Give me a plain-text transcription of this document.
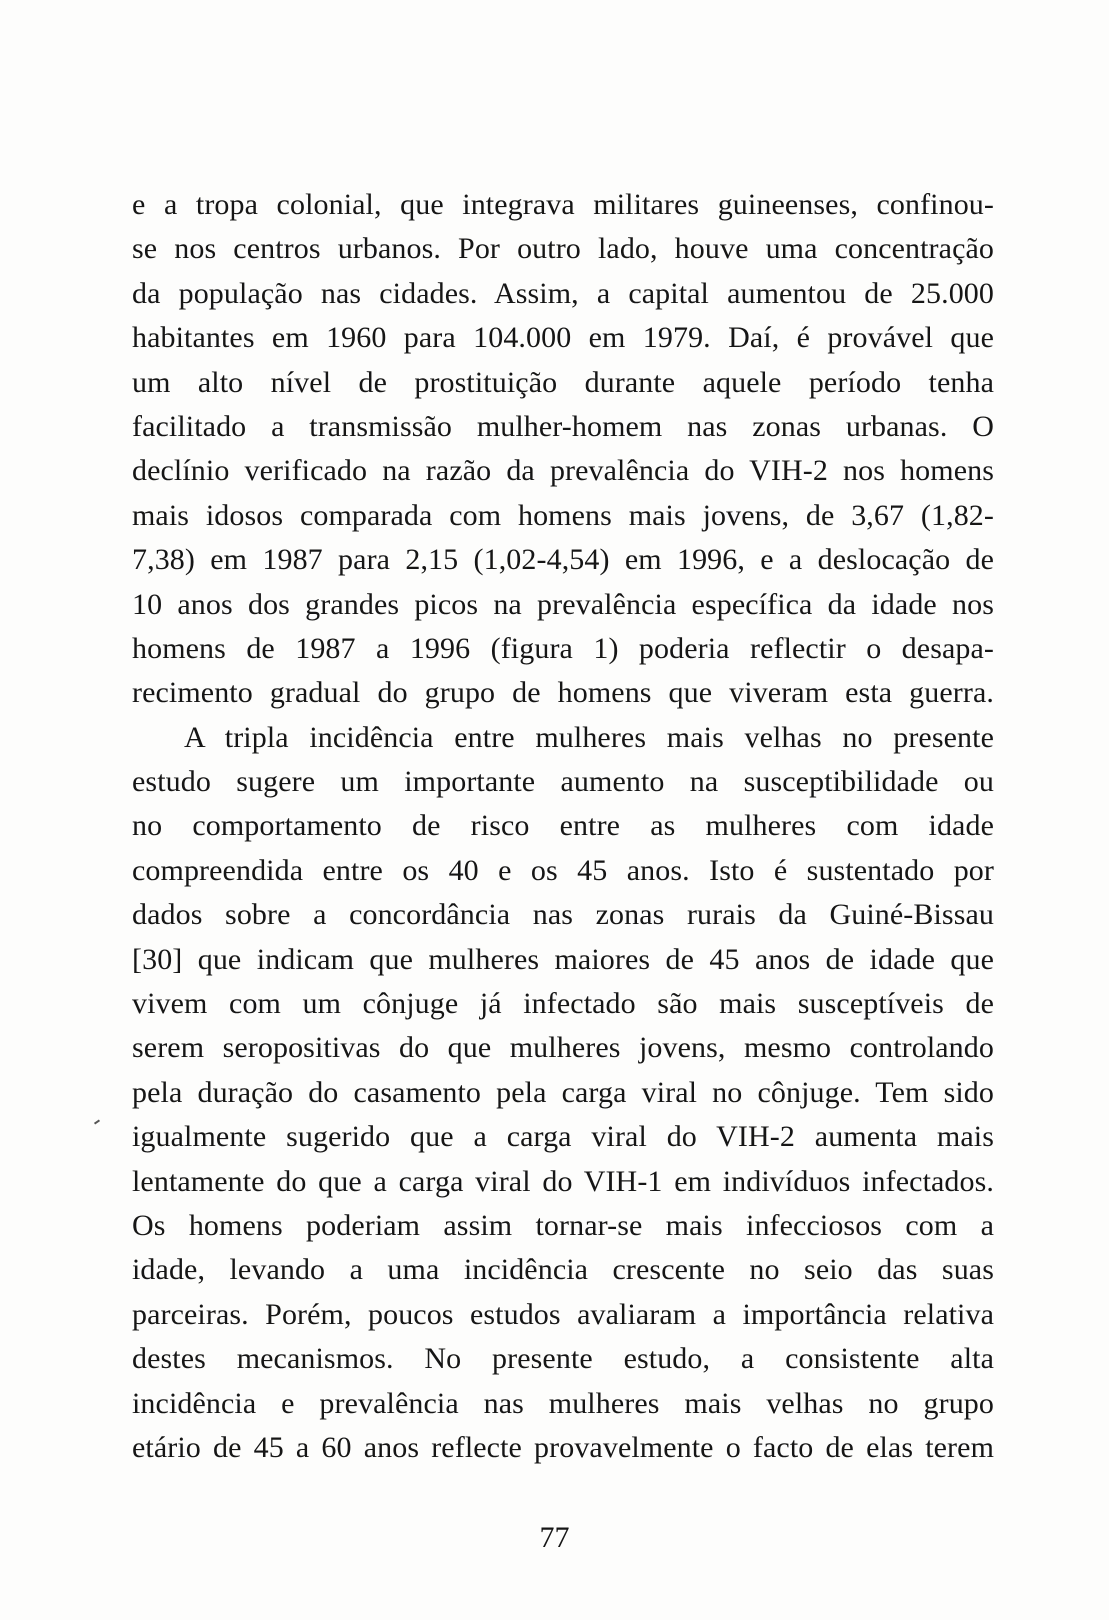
e a tropa colonial, que integrava militares guineenses, confinou-
se nos centros urbanos. Por outro lado, houve uma concentração
da população nas cidades. Assim, a capital aumentou de 25.000
habitantes em 1960 para 104.000 em 1979. Daí, é provável que
um alto nível de prostituição durante aquele período tenha
facilitado a transmissão mulher-homem nas zonas urbanas. O
declínio verificado na razão da prevalência do VIH-2 nos homens
mais idosos comparada com homens mais jovens, de 3,67 (1,82-
7,38) em 1987 para 2,15 (1,02-4,54) em 1996, e a deslocação de
10 anos dos grandes picos na prevalência específica da idade nos
homens de 1987 a 1996 (figura 1) poderia reflectir o desapa-
recimento gradual do grupo de homens que viveram esta guerra.
A tripla incidência entre mulheres mais velhas no presente
estudo sugere um importante aumento na susceptibilidade ou
no comportamento de risco entre as mulheres com idade
compreendida entre os 40 e os 45 anos. Isto é sustentado por
dados sobre a concordância nas zonas rurais da Guiné-Bissau
[30] que indicam que mulheres maiores de 45 anos de idade que
vivem com um cônjuge já infectado são mais susceptíveis de
serem seropositivas do que mulheres jovens, mesmo controlando
pela duração do casamento pela carga viral no cônjuge. Tem sido
igualmente sugerido que a carga viral do VIH-2 aumenta mais
lentamente do que a carga viral do VIH-1 em indivíduos infectados.
Os homens poderiam assim tornar-se mais infecciosos com a
idade, levando a uma incidência crescente no seio das suas
parceiras. Porém, poucos estudos avaliaram a importância relativa
destes mecanismos. No presente estudo, a consistente alta
incidência e prevalência nas mulheres mais velhas no grupo
etário de 45 a 60 anos reflecte provavelmente o facto de elas terem
77
